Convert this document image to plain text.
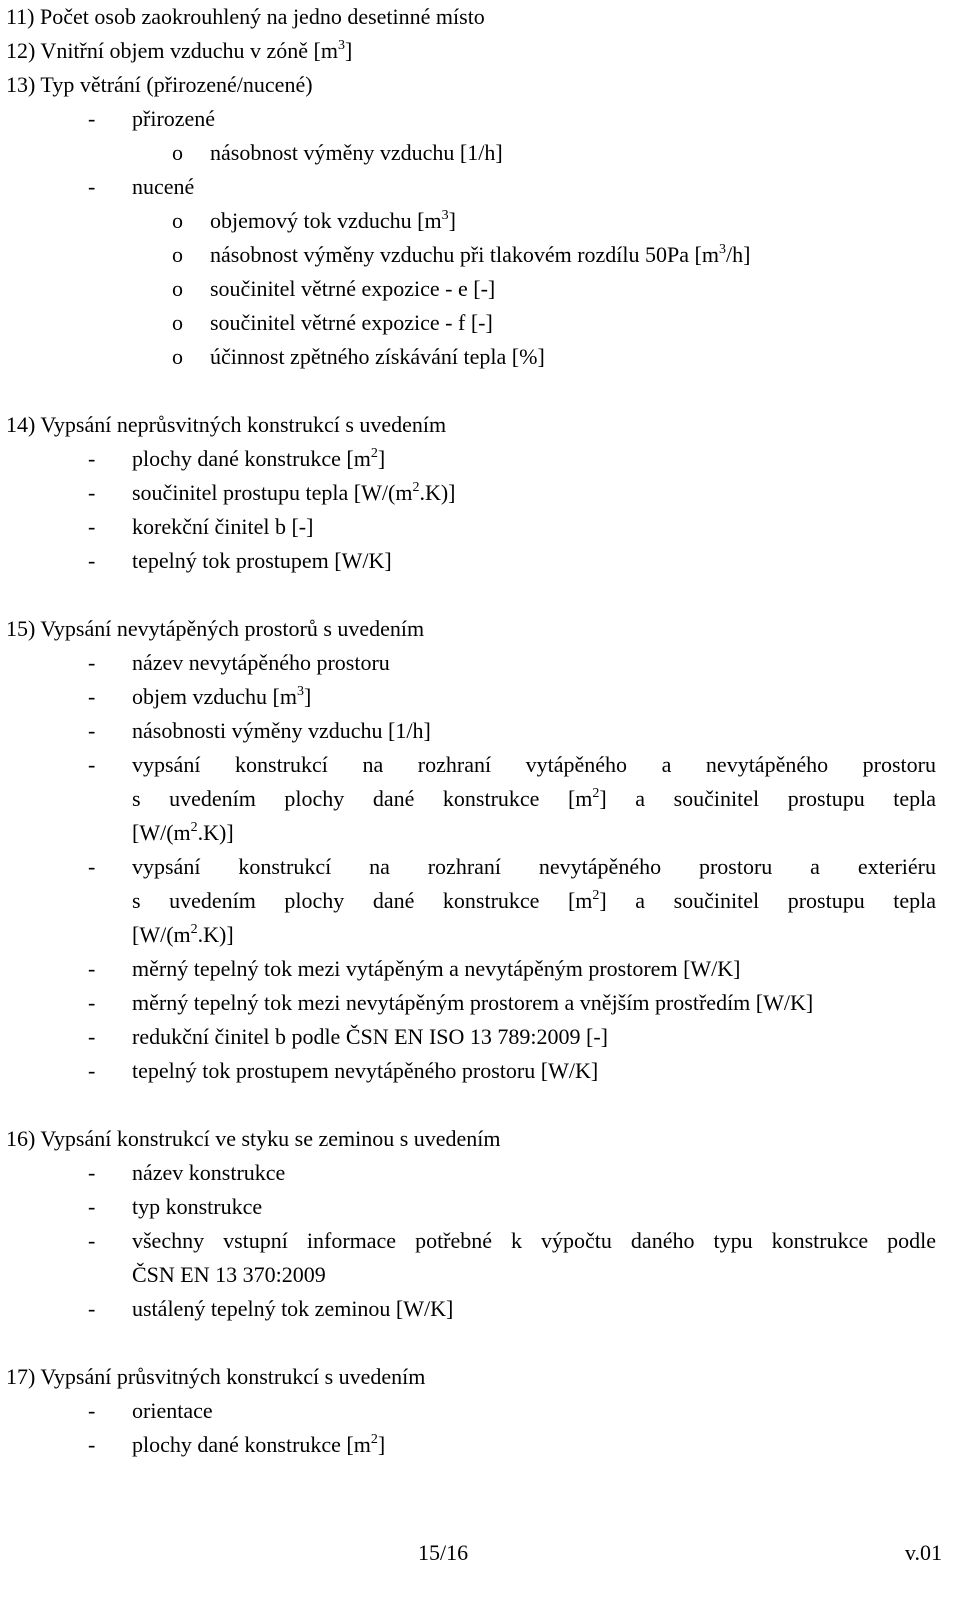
11) Počet osob zaokrouhlený na jedno desetinné místo
12) Vnitřní objem vzduchu v zóně $[m^3]$
13) Typ větrání (přirozené/nucené)
- přirozené
o násobnost výměny vzduchu [1/h]
- nucené
o objemový tok vzduchu $[m^3]$
o násobnost výměny vzduchu při tlakovém rozdílu 50Pa $[m^3/h]$
o součinitel větrné expozice - e [-]
o součinitel větrné expozice - f [-]
o účinnost zpětného získávání tepla [%]
14) Vypsání neprůsvitných konstrukcí s uvedením
- plochy dané konstrukce $[m^2]$
- součinitel prostupu tepla $[W/(m^2.K)]$
- korekční činitel b [-]
- tepelný tok prostupem [W/K]
15) Vypsání nevytápěných prostorů s uvedením
- název nevytápěného prostoru
- objem vzduchu $[m^3]$
- násobnosti výměny vzduchu [1/h]
- vypsání konstrukcí na rozhraní vytápěného a nevytápěného prostoru
s uvedením plochy dané konstrukce $[m^2]$ a součinitel prostupu tepla
$[W/(m^2.K)]$
- vypsání konstrukcí na rozhraní nevytápěného prostoru a exteriéru
s uvedením plochy dané konstrukce $[m^2]$ a součinitel prostupu tepla
$[W/(m^2.K)]$
- měrný tepelný tok mezi vytápěným a nevytápěným prostorem [W/K]
- měrný tepelný tok mezi nevytápěným prostorem a vnějším prostředím [W/K]
- redukční činitel b podle ČSN EN ISO 13 789:2009 [-]
- tepelný tok prostupem nevytápěného prostoru [W/K]
16) Vypsání konstrukcí ve styku se zeminou s uvedením
- název konstrukce
- typ konstrukce
- všechny vstupní informace potřebné k výpočtu daného typu konstrukce podle
ČSN EN 13 370:2009
- ustálený tepelný tok zeminou [W/K]
17) Vypsání průsvitných konstrukcí s uvedením
- orientace
- plochy dané konstrukce $[m^2]$
15/16	v.01
